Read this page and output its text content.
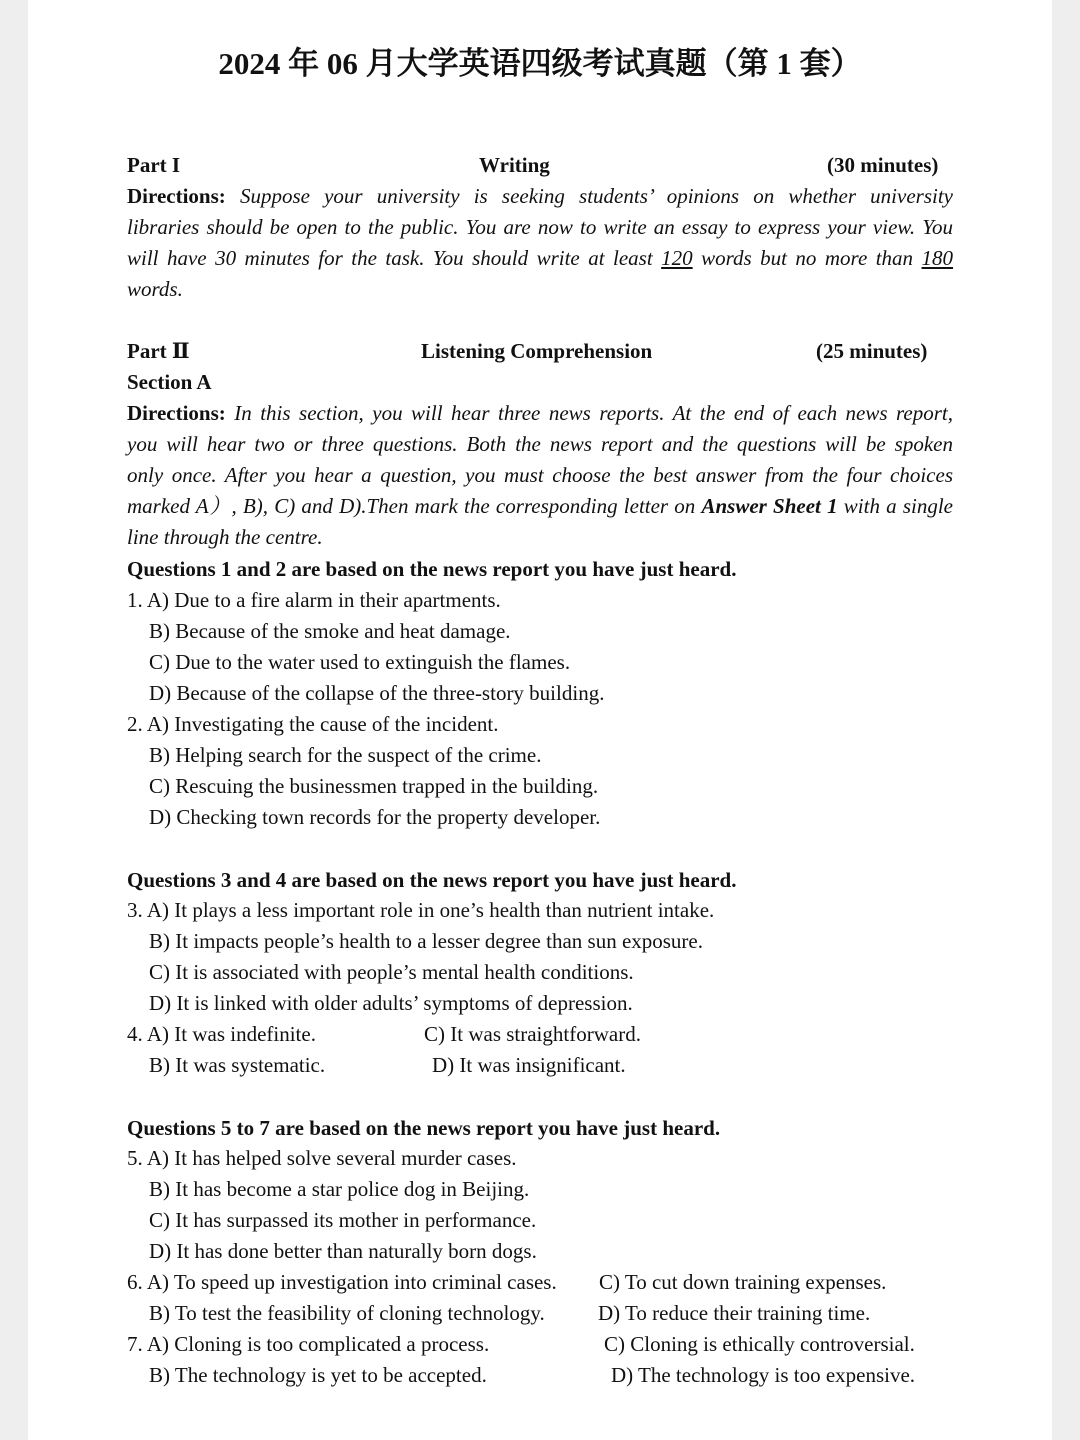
2024 年 06 月大学英语四级考试真题（第 1 套）
Part I	Writing	(30 minutes)
Directions: Suppose your university is seeking students’ opinions on whether university
libraries should be open to the public. You are now to write an essay to express your view. You
will have 30 minutes for the task. You should write at least 120 words but no more than 180
words.
Part Ⅱ	Listening Comprehension	(25 minutes)
Section A
Directions: In this section, you will hear three news reports. At the end of each news report,
you will hear two or three questions. Both the news report and the questions will be spoken
only once. After you hear a question, you must choose the best answer from the four choices
marked A）, B), C) and D).Then mark the corresponding letter on Answer Sheet 1 with a single
line through the centre.
Questions 1 and 2 are based on the news report you have just heard.
1. A) Due to a fire alarm in their apartments.
B) Because of the smoke and heat damage.
C) Due to the water used to extinguish the flames.
D) Because of the collapse of the three-story building.
2. A) Investigating the cause of the incident.
B) Helping search for the suspect of the crime.
C) Rescuing the businessmen trapped in the building.
D) Checking town records for the property developer.
Questions 3 and 4 are based on the news report you have just heard.
3. A) It plays a less important role in one’s health than nutrient intake.
B) It impacts people’s health to a lesser degree than sun exposure.
C) It is associated with people’s mental health conditions.
D) It is linked with older adults’ symptoms of depression.
4. A) It was indefinite.	C) It was straightforward.
B) It was systematic.	D) It was insignificant.
Questions 5 to 7 are based on the news report you have just heard.
5. A) It has helped solve several murder cases.
B) It has become a star police dog in Beijing.
C) It has surpassed its mother in performance.
D) It has done better than naturally born dogs.
6. A) To speed up investigation into criminal cases. C) To cut down training expenses.
B) To test the feasibility of cloning technology.	D) To reduce their training time.
7. A) Cloning is too complicated a process.	C) Cloning is ethically controversial.
B) The technology is yet to be accepted.	D) The technology is too expensive.
